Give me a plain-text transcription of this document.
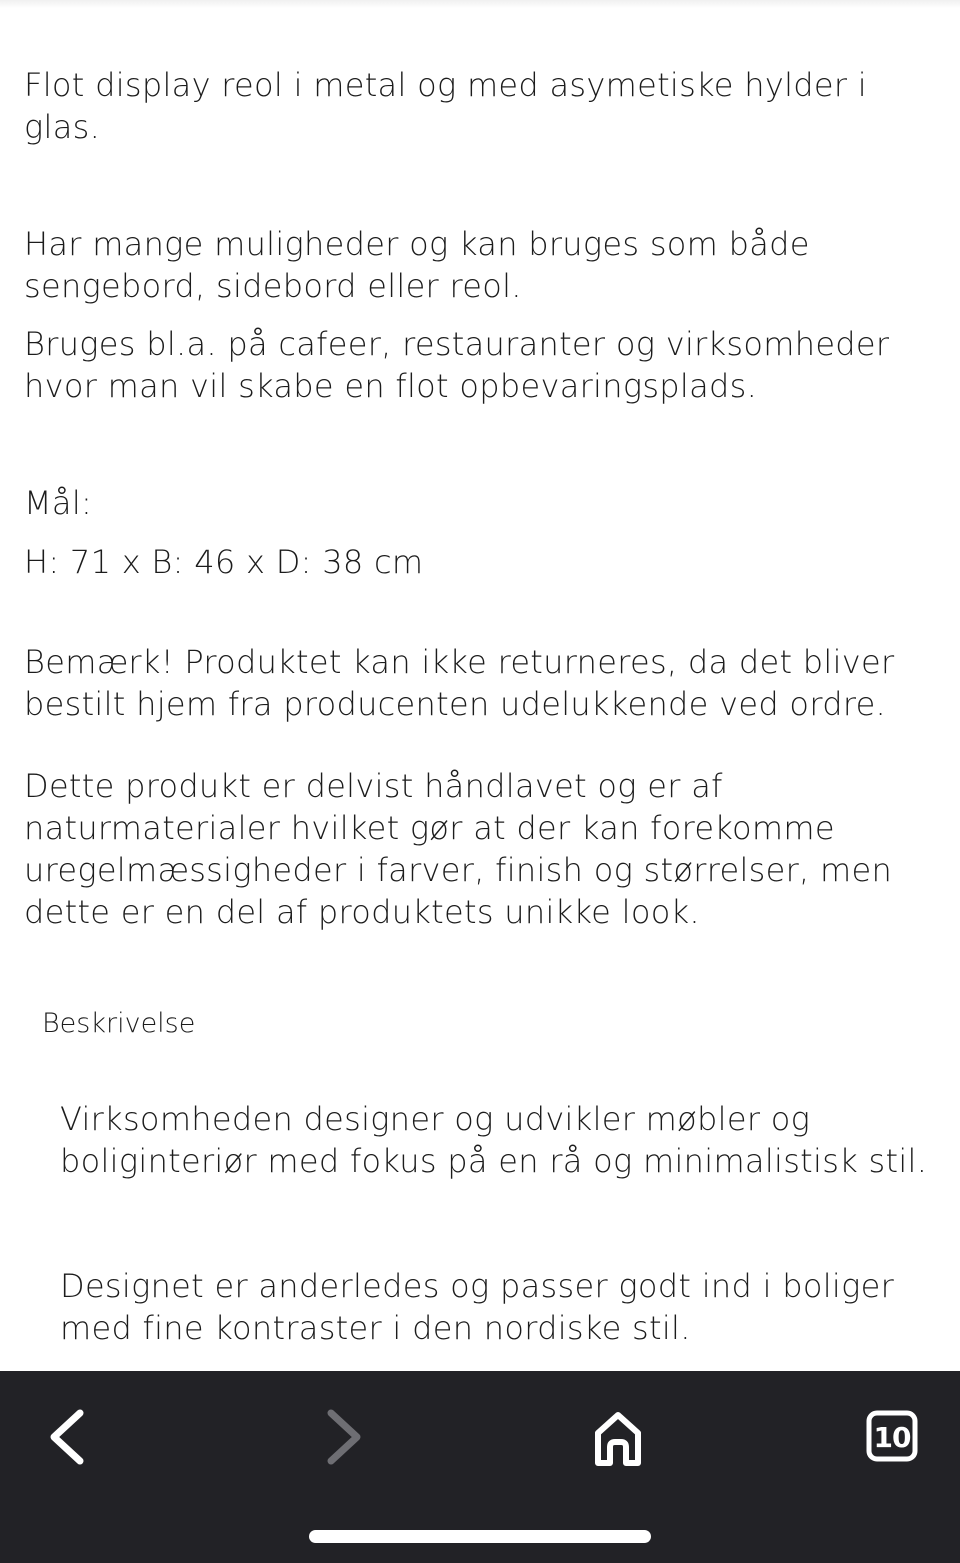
Flot display reol i metal og med asymetiske hylder i glas.

Har mange muligheder og kan bruges som både sengebord, sidebord eller reol.

Bruges bl.a. på cafeer, restauranter og virksomheder hvor man vil skabe en flot opbevaringsplads.

Mål:

H: 71 x B: 46 x D: 38 cm

Bemærk! Produktet kan ikke returneres, da det bliver bestilt hjem fra producenten udelukkende ved ordre.

Dette produkt er delvist håndlavet og er af naturmaterialer hvilket gør at der kan forekomme uregelmæssigheder i farver, finish og størrelser, men dette er en del af produktets unikke look.

Beskrivelse

Virksomheden designer og udvikler møbler og boliginteriør med fokus på en rå og minimalistisk stil.

Designet er anderledes og passer godt ind i boliger med fine kontraster i den nordiske stil.

10
